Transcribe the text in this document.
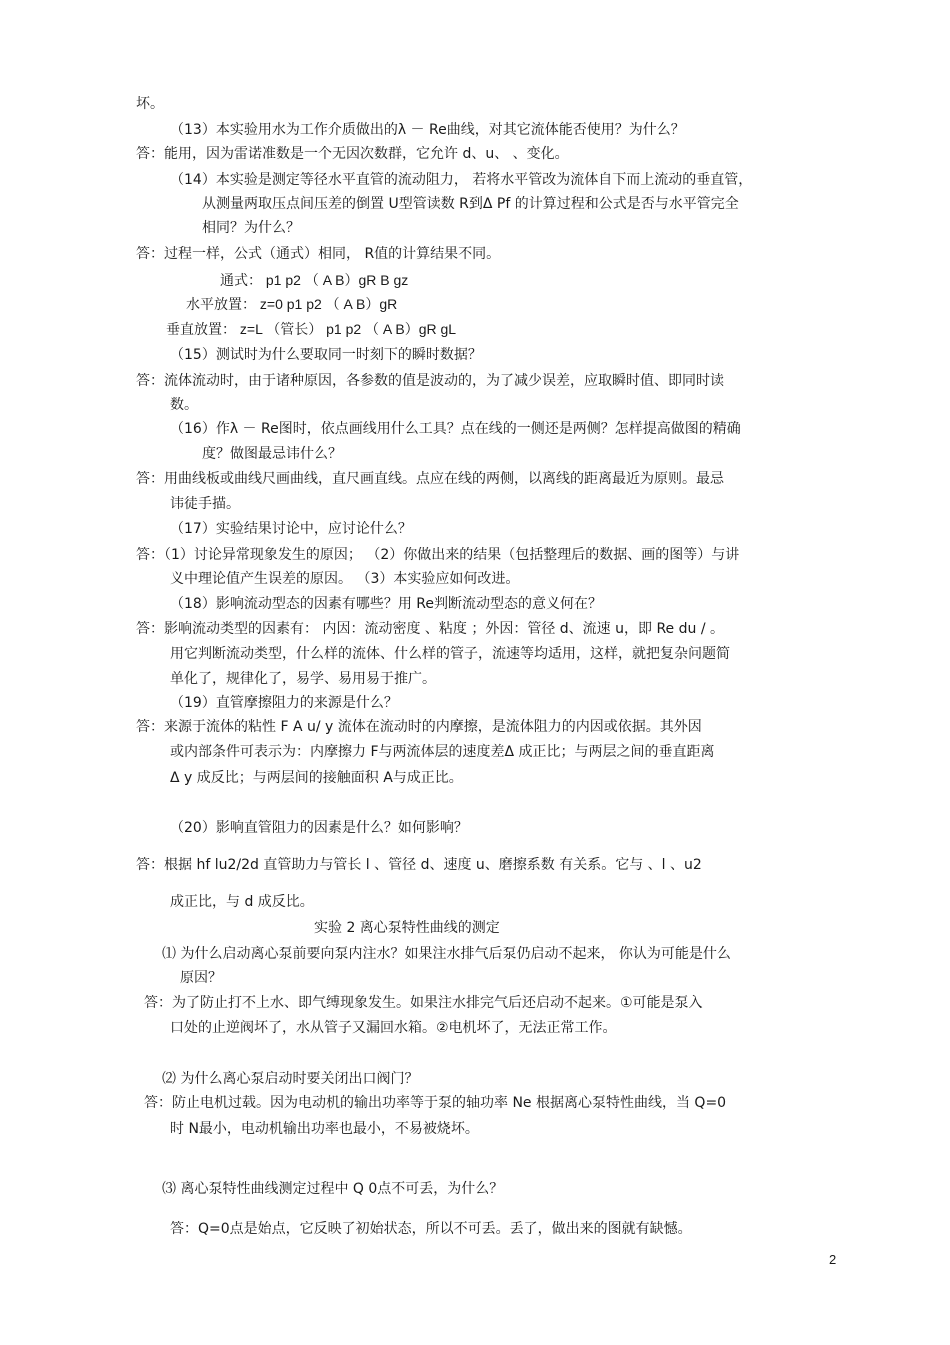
坏。
（13）本实验用水为工作介质做出的λ － Re曲线，对其它流体能否使用？为什么？
答：能用，因为雷诺准数是一个无因次数群，它允许 d、u、 、变化。
（14）本实验是测定等径水平直管的流动阻力， 若将水平管改为流体自下而上流动的垂直管，
从测量两取压点间压差的倒置 U型管读数 R到Δ Pf 的计算过程和公式是否与水平管完全
相同？为什么？
答：过程一样，公式（通式）相同， R值的计算结果不同。
通式： p1 p2 （ A B）gR B gz
水平放置： z=0 p1 p2 （ A B）gR
垂直放置： z=L （管长） p1 p2 （ A B）gR gL
（15）测试时为什么要取同一时刻下的瞬时数据？
答：流体流动时，由于诸种原因，各参数的值是波动的，为了减少误差，应取瞬时值、即同时读
数。
（16）作λ － Re图时，依点画线用什么工具？点在线的一侧还是两侧？怎样提高做图的精确
度？做图最忌讳什么？
答：用曲线板或曲线尺画曲线，直尺画直线。点应在线的两侧，以离线的距离最近为原则。最忌
讳徒手描。
（17）实验结果讨论中，应讨论什么？
答：（1）讨论异常现象发生的原因； （2）你做出来的结果（包括整理后的数据、画的图等）与讲
义中理论值产生误差的原因。 （3）本实验应如何改进。
（18）影响流动型态的因素有哪些？用 Re判断流动型态的意义何在？
答：影响流动类型的因素有： 内因：流动密度 、粘度 ；外因：管径 d、流速 u，即 Re du / 。
用它判断流动类型，什么样的流体、什么样的管子，流速等均适用，这样，就把复杂问题简
单化了，规律化了，易学、易用易于推广。
（19）直管摩擦阻力的来源是什么？
答：来源于流体的粘性 F A u/ y 流体在流动时的内摩擦，是流体阻力的内因或依据。其外因
或内部条件可表示为：内摩擦力 F与两流体层的速度差Δ 成正比；与两层之间的垂直距离
Δ y 成反比；与两层间的接触面积 A与成正比。
（20）影响直管阻力的因素是什么？如何影响？
答：根据 hf lu2/2d 直管助力与管长 l 、管径 d、速度 u、磨擦系数 有关系。它与 、l 、u2
成正比，与 d 成反比。
实验 2 离心泵特性曲线的测定
⑴ 为什么启动离心泵前要向泵内注水？如果注水排气后泵仍启动不起来， 你认为可能是什么
原因？
答：为了防止打不上水、即气缚现象发生。如果注水排完气后还启动不起来。①可能是泵入
口处的止逆阀坏了，水从管子又漏回水箱。②电机坏了，无法正常工作。
⑵ 为什么离心泵启动时要关闭出口阀门？
答：防止电机过载。因为电动机的输出功率等于泵的轴功率 Ne 根据离心泵特性曲线，当 Q=0
时 N最小，电动机输出功率也最小，不易被烧坏。
⑶ 离心泵特性曲线测定过程中 Q 0点不可丢，为什么？
答：Q=0点是始点，它反映了初始状态，所以不可丢。丢了，做出来的图就有缺憾。
2
